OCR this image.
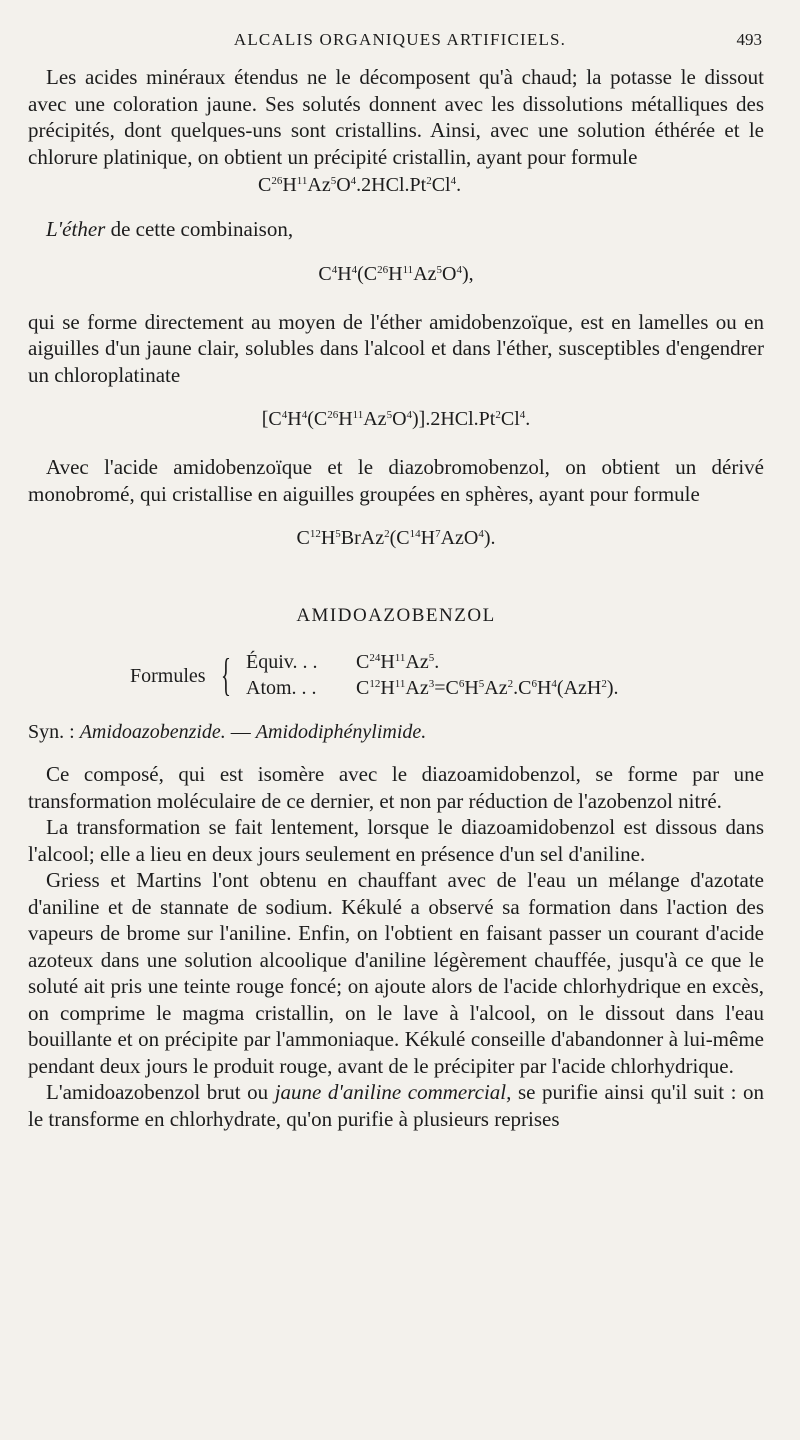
ALCALIS ORGANIQUES ARTIFICIELS.	493

Les acides minéraux étendus ne le décomposent qu'à chaud; la potasse le dissout avec une coloration jaune. Ses solutés donnent avec les dissolutions métalliques des précipités, dont quelques-uns sont cristallins. Ainsi, avec une solution éthérée et le chlorure platinique, on obtient un précipité cristallin, ayant pour formule

$C^{26}H^{11}Az^5O^4.2HCl.Pt^2Cl^4$.

L'éther de cette combinaison,

$C^4H^4(C^{26}H^{11}Az^5O^4)$,

qui se forme directement au moyen de l'éther amidobenzoïque, est en lamelles ou en aiguilles d'un jaune clair, solubles dans l'alcool et dans l'éther, susceptibles d'engendrer un chloroplatinate

$[C^4H^4(C^{26}H^{11}Az^5O^4)].2HCl.Pt^2Cl^4$.

Avec l'acide amidobenzoïque et le diazobromobenzol, on obtient un dérivé monobromé, qui cristallise en aiguilles groupées en sphères, ayant pour formule

$C^{12}H^5BrAz^2(C^{14}H^7AzO^4)$.
AMIDOAZOBENZOL
Formules { Équiv. . . $C^{24}H^{11}Az^5$.
Atom. . . $C^{12}H^{11}Az^3=C^6H^5Az^2.C^6H^4(AzH^2)$.
Syn. : Amidoazobenzide. — Amidodiphénylimide.

Ce composé, qui est isomère avec le diazoamidobenzol, se forme par une transformation moléculaire de ce dernier, et non par réduction de l'azobenzol nitré.

La transformation se fait lentement, lorsque le diazoamidobenzol est dissous dans l'alcool; elle a lieu en deux jours seulement en présence d'un sel d'aniline.

Griess et Martins l'ont obtenu en chauffant avec de l'eau un mélange d'azotate d'aniline et de stannate de sodium. Kékulé a observé sa formation dans l'action des vapeurs de brome sur l'aniline. Enfin, on l'obtient en faisant passer un courant d'acide azoteux dans une solution alcoolique d'aniline légèrement chauffée, jusqu'à ce que le soluté ait pris une teinte rouge foncé; on ajoute alors de l'acide chlorhydrique en excès, on comprime le magma cristallin, on le lave à l'alcool, on le dissout dans l'eau bouillante et on précipite par l'ammoniaque. Kékulé conseille d'abandonner à lui-même pendant deux jours le produit rouge, avant de le précipiter par l'acide chlorhydrique.

L'amidoazobenzol brut ou jaune d'aniline commercial, se purifie ainsi qu'il suit : on le transforme en chlorhydrate, qu'on purifie à plusieurs reprises
